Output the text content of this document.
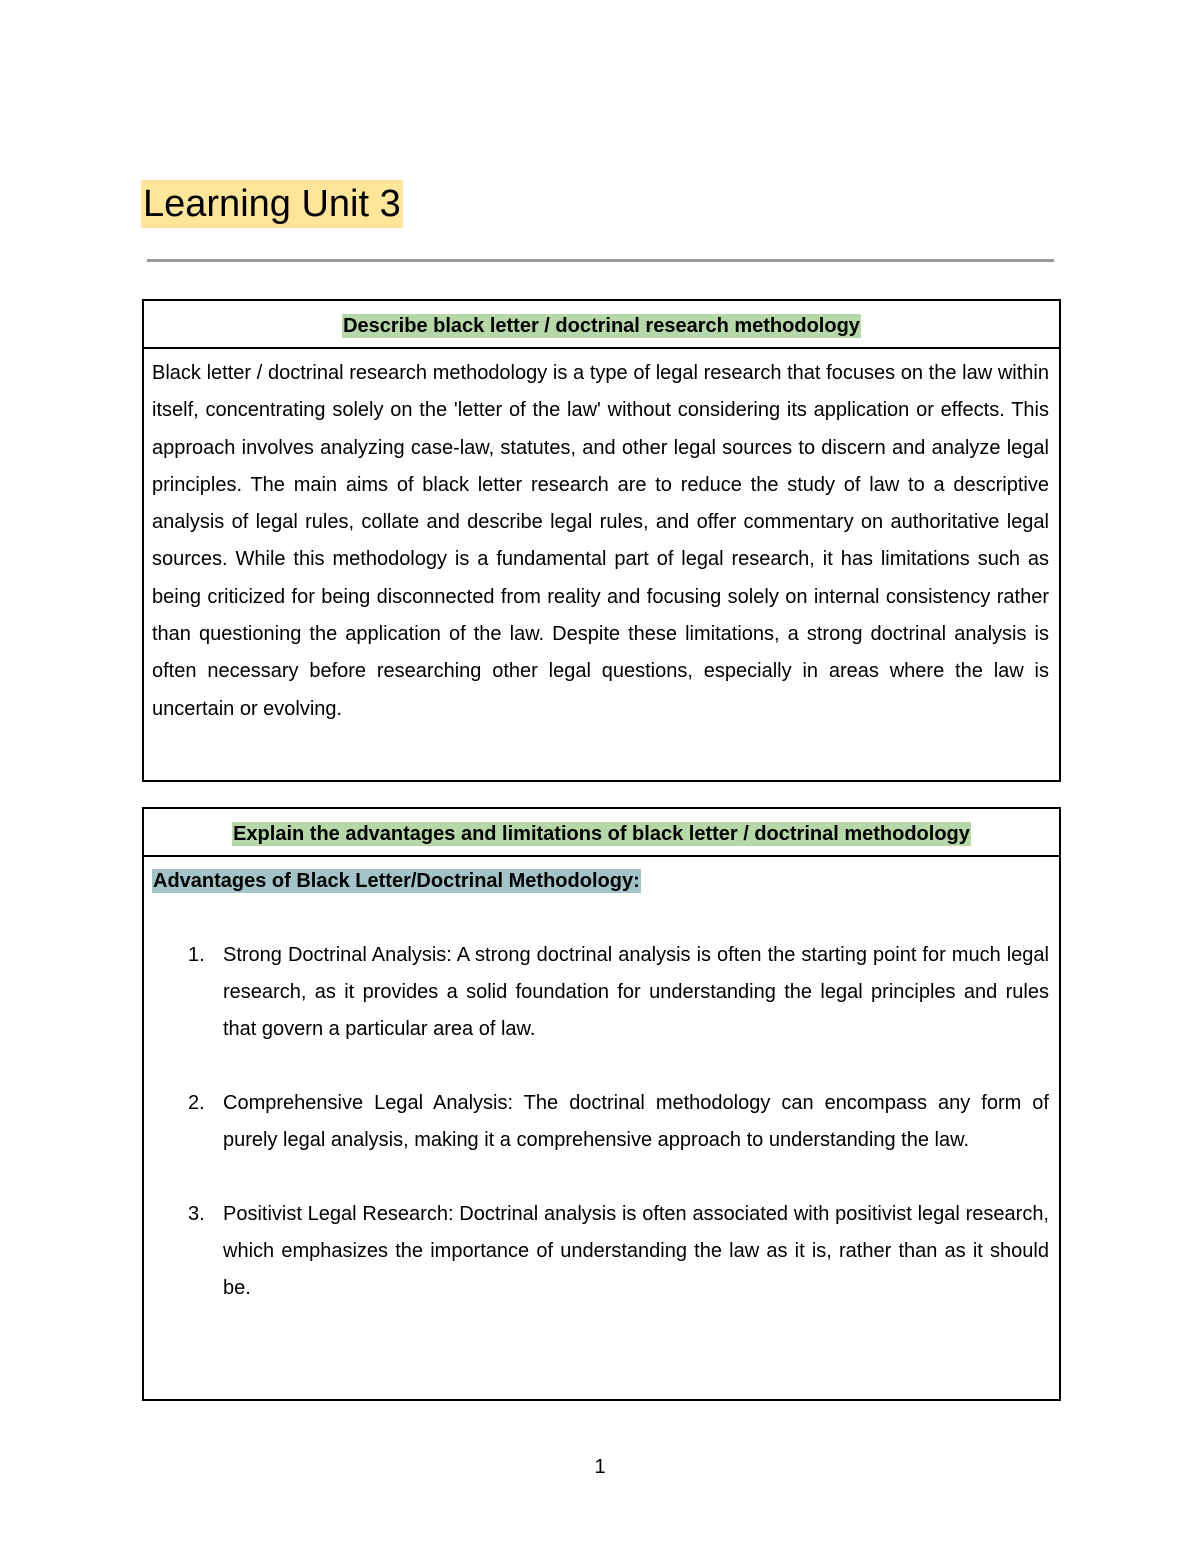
Learning Unit 3
Describe black letter / doctrinal research methodology

Black letter / doctrinal research methodology is a type of legal research that focuses on the law within itself, concentrating solely on the 'letter of the law' without considering its application or effects. This approach involves analyzing case-law, statutes, and other legal sources to discern and analyze legal principles. The main aims of black letter research are to reduce the study of law to a descriptive analysis of legal rules, collate and describe legal rules, and offer commentary on authoritative legal sources. While this methodology is a fundamental part of legal research, it has limitations such as being criticized for being disconnected from reality and focusing solely on internal consistency rather than questioning the application of the law. Despite these limitations, a strong doctrinal analysis is often necessary before researching other legal questions, especially in areas where the law is uncertain or evolving.

Explain the advantages and limitations of black letter / doctrinal methodology

Advantages of Black Letter/Doctrinal Methodology:

1. Strong Doctrinal Analysis: A strong doctrinal analysis is often the starting point for much legal research, as it provides a solid foundation for understanding the legal principles and rules that govern a particular area of law.

2. Comprehensive Legal Analysis: The doctrinal methodology can encompass any form of purely legal analysis, making it a comprehensive approach to understanding the law.

3. Positivist Legal Research: Doctrinal analysis is often associated with positivist legal research, which emphasizes the importance of understanding the law as it is, rather than as it should be.

1
